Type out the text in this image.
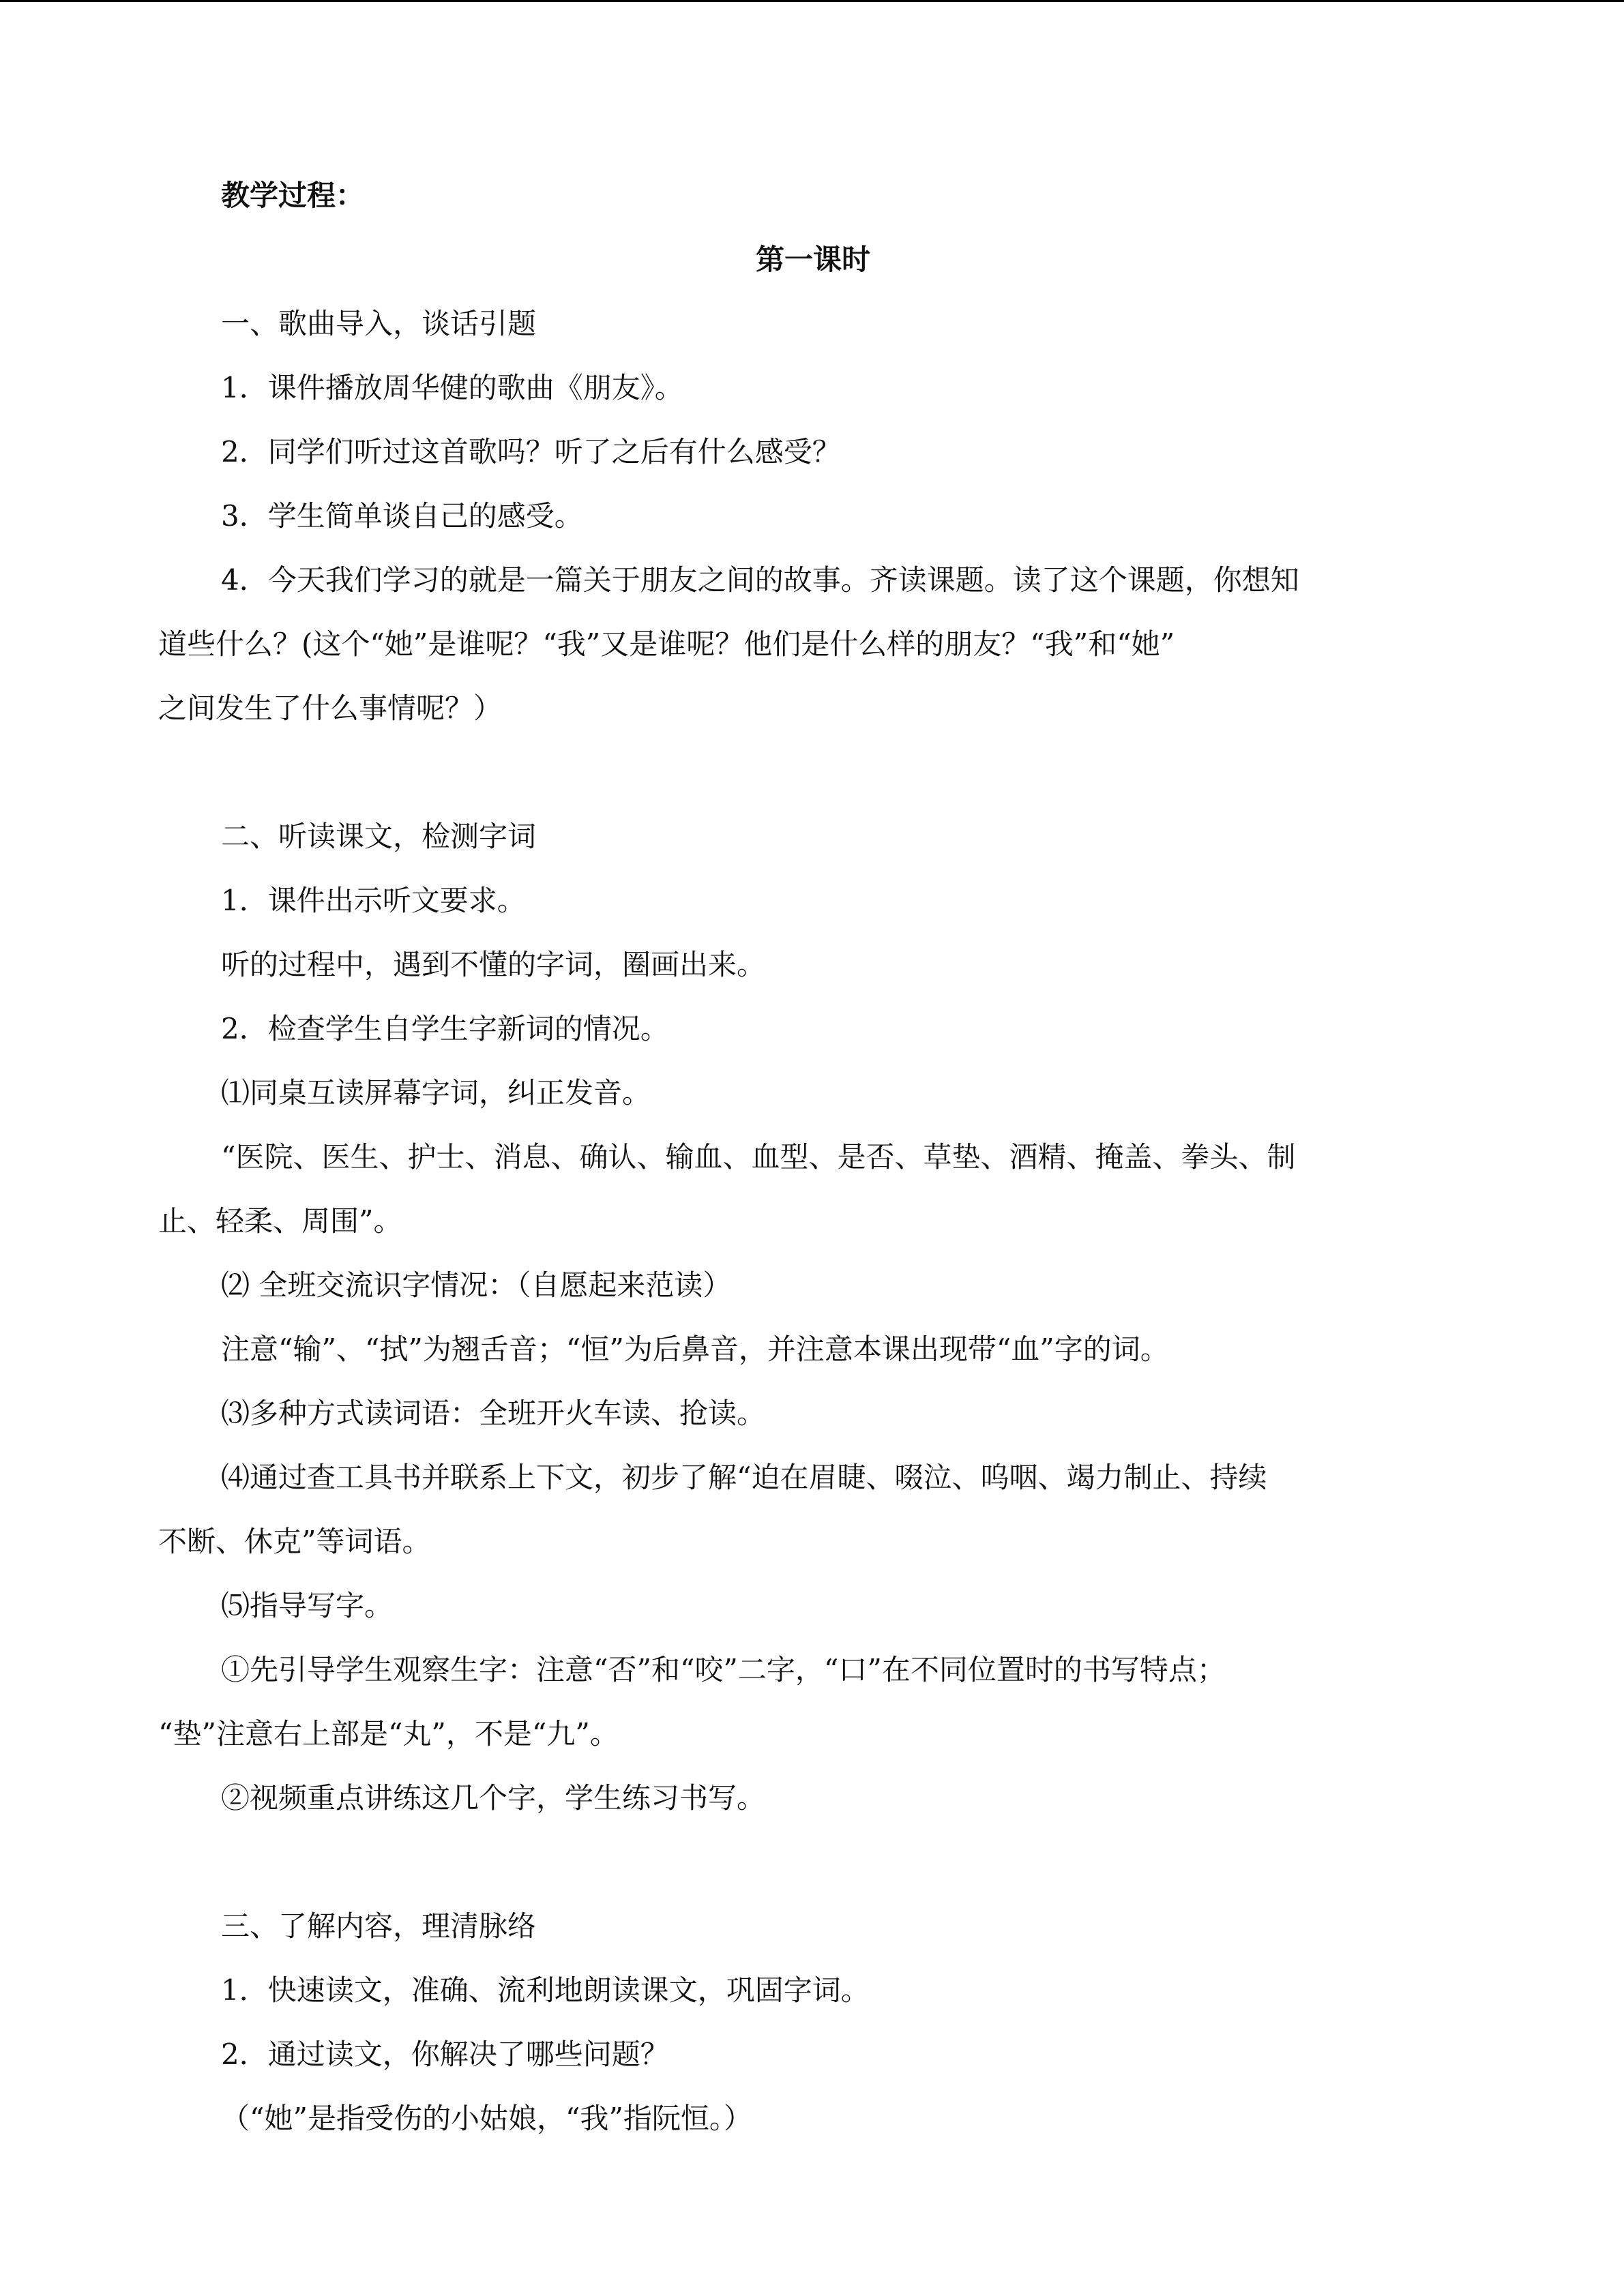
教学过程：
第一课时
一、歌曲导入，谈话引题
1．课件播放周华健的歌曲《朋友》。
2．同学们听过这首歌吗？听了之后有什么感受？
3．学生简单谈自己的感受。
4．今天我们学习的就是一篇关于朋友之间的故事。齐读课题。读了这个课题，你想知
道些什么？(这个“她”是谁呢？“我”又是谁呢？他们是什么样的朋友？“我”和“她”
之间发生了什么事情呢？）
二、听读课文，检测字词
1．课件出示听文要求。
听的过程中，遇到不懂的字词，圈画出来。
2．检查学生自学生字新词的情况。
⑴同桌互读屏幕字词，纠正发音。
“医院、医生、护士、消息、确认、输血、血型、是否、草垫、酒精、掩盖、拳头、制
止、轻柔、周围”。
⑵ 全班交流识字情况：（自愿起来范读）
注意“输”、“拭”为翘舌音；“恒”为后鼻音，并注意本课出现带“血”字的词。
⑶多种方式读词语：全班开火车读、抢读。
⑷通过查工具书并联系上下文，初步了解“迫在眉睫、啜泣、呜咽、竭力制止、持续
不断、休克”等词语。
⑸指导写字。
①先引导学生观察生字：注意“否”和“咬”二字，“口”在不同位置时的书写特点；
“垫”注意右上部是“丸”，不是“九”。
②视频重点讲练这几个字，学生练习书写。
三、了解内容，理清脉络
1．快速读文，准确、流利地朗读课文，巩固字词。
2．通过读文，你解决了哪些问题？
（“她”是指受伤的小姑娘，“我”指阮恒。）
